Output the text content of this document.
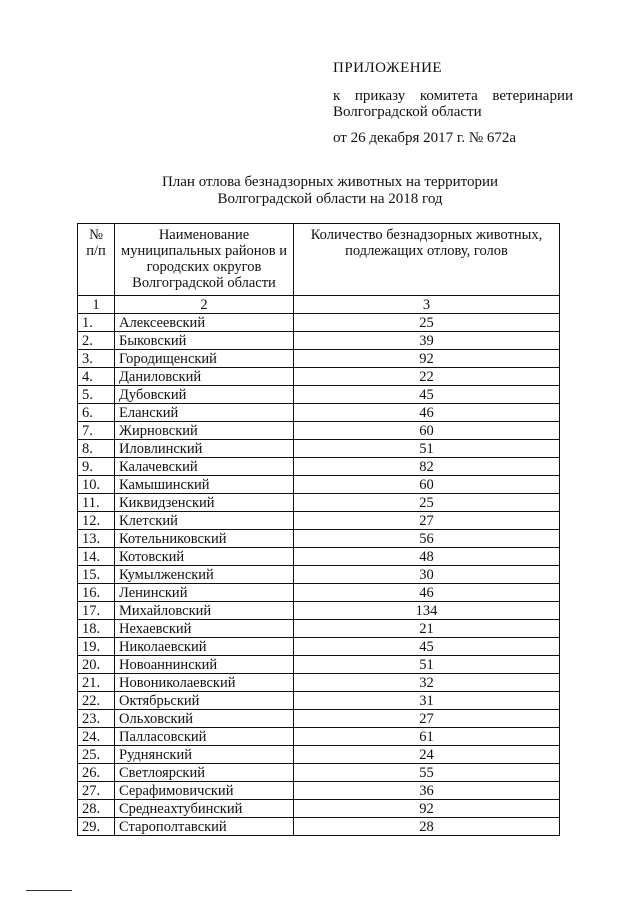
ПРИЛОЖЕНИЕ
к приказу комитета ветеринарии
Волгоградской области
от 26 декабря 2017 г. № 672а
План отлова безнадзорных животных на территории
Волгоградской области на 2018 год
№ п/п	Наименование муниципальных районов и городских округов Волгоградской области	Количество безнадзорных животных, подлежащих отлову, голов
1	2	3
1.	Алексеевский	25
2.	Быковский	39
3.	Городищенский	92
4.	Даниловский	22
5.	Дубовский	45
6.	Еланский	46
7.	Жирновский	60
8.	Иловлинский	51
9.	Калачевский	82
10.	Камышинский	60
11.	Киквидзенский	25
12.	Клетский	27
13.	Котельниковский	56
14.	Котовский	48
15.	Кумылженский	30
16.	Ленинский	46
17.	Михайловский	134
18.	Нехаевский	21
19.	Николаевский	45
20.	Новоаннинский	51
21.	Новониколаевский	32
22.	Октябрьский	31
23.	Ольховский	27
24.	Палласовский	61
25.	Руднянский	24
26.	Светлоярский	55
27.	Серафимовичский	36
28.	Среднеахтубинский	92
29.	Старополтавский	28
